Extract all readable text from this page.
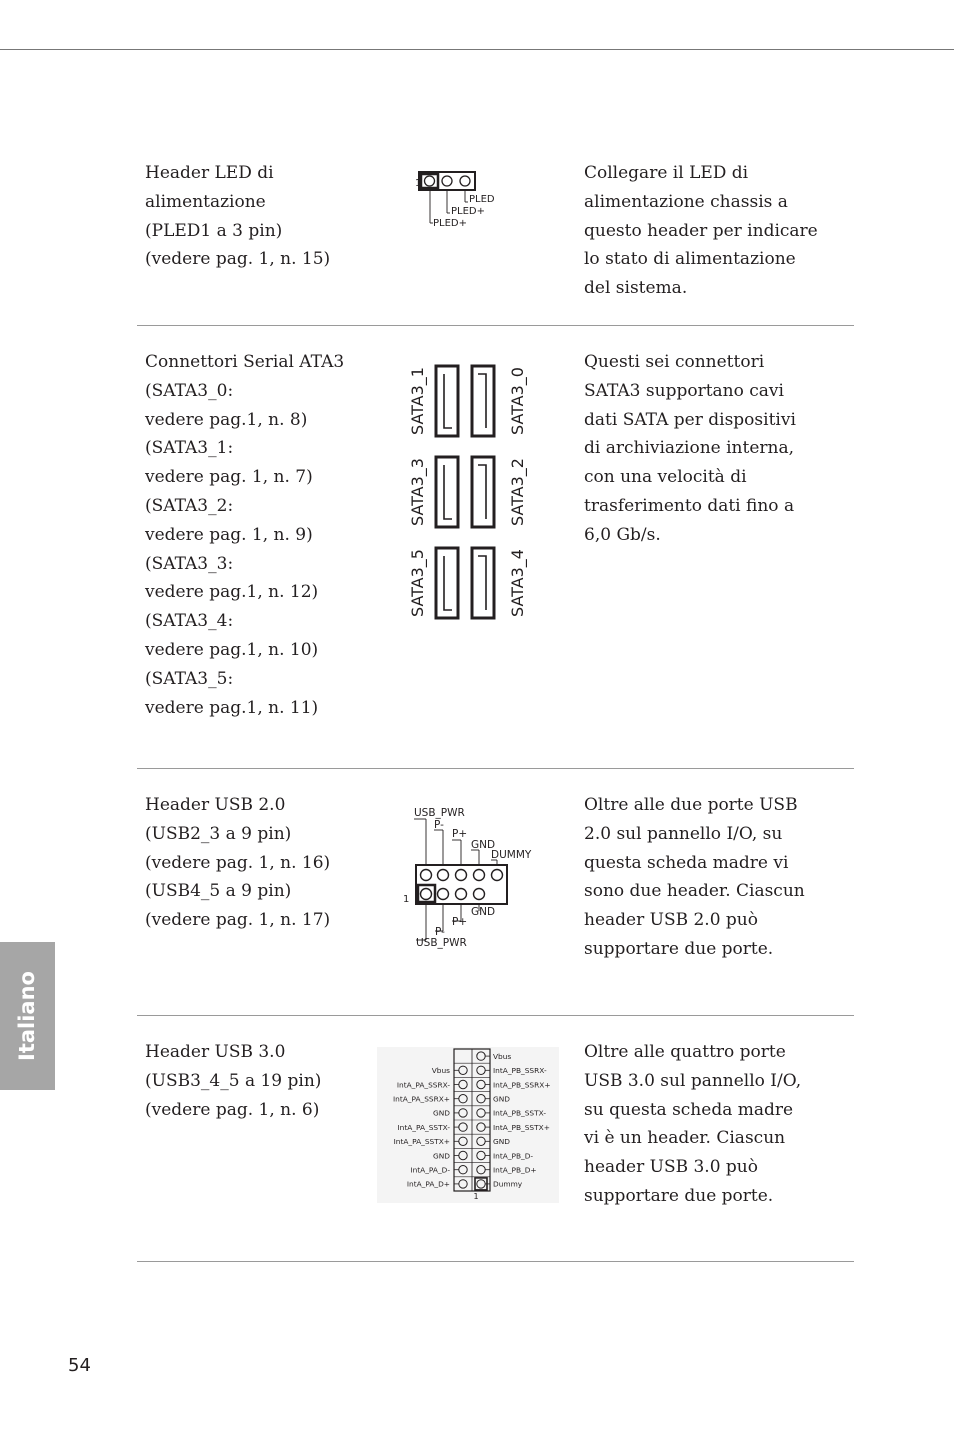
Header LED di
alimentazione
(PLED1 a 3 pin)
(vedere pag. 1, n. 15)
1
PLED
PLED+
PLED+
Collegare il LED di
alimentazione chassis a
questo header per indicare
lo stato di alimentazione
del sistema.
Connettori Serial ATA3
(SATA3_0:
vedere pag.1, n. 8)
(SATA3_1:
vedere pag. 1, n. 7)
(SATA3_2:
vedere pag. 1, n. 9)
(SATA3_3:
vedere pag.1, n. 12)
(SATA3_4:
vedere pag.1, n. 10)
(SATA3_5:
vedere pag.1, n. 11)
SATA3_1	SATA3_0
SATA3_3	SATA3_2
SATA3_5	SATA3_4
Questi sei connettori
SATA3 supportano cavi
dati SATA per dispositivi
di archiviazione interna,
con una velocità di
trasferimento dati fino a
6,0 Gb/s.
Header USB 2.0
(USB2_3 a 9 pin)
(vedere pag. 1, n. 16)
(USB4_5 a 9 pin)
(vedere pag. 1, n. 17)
USB_PWR
P-
P+
GND
DUMMY
1
GND
P+
P-
USB_PWR
Oltre alle due porte USB
2.0 sul pannello I/O, su
questa scheda madre vi
sono due header. Ciascun
header USB 2.0 può
supportare due porte.
Header USB 3.0
(USB3_4_5 a 19 pin)
(vedere pag. 1, n. 6)
Vbus
IntA_PB_SSRX-
Vbus
IntA_PB_SSRX+
IntA_PA_SSRX-
GND
IntA_PA_SSRX+
IntA_PB_SSTX-
GND
IntA_PB_SSTX+
IntA_PA_SSTX-
GND
IntA_PA_SSTX+
IntA_PB_D-
GND
IntA_PB_D+
IntA_PA_D-
Dummy
IntA_PA_D+
1
Oltre alle quattro porte
USB 3.0 sul pannello I/O,
su questa scheda madre
vi è un header. Ciascun
header USB 3.0 può
supportare due porte.
Italiano
54
